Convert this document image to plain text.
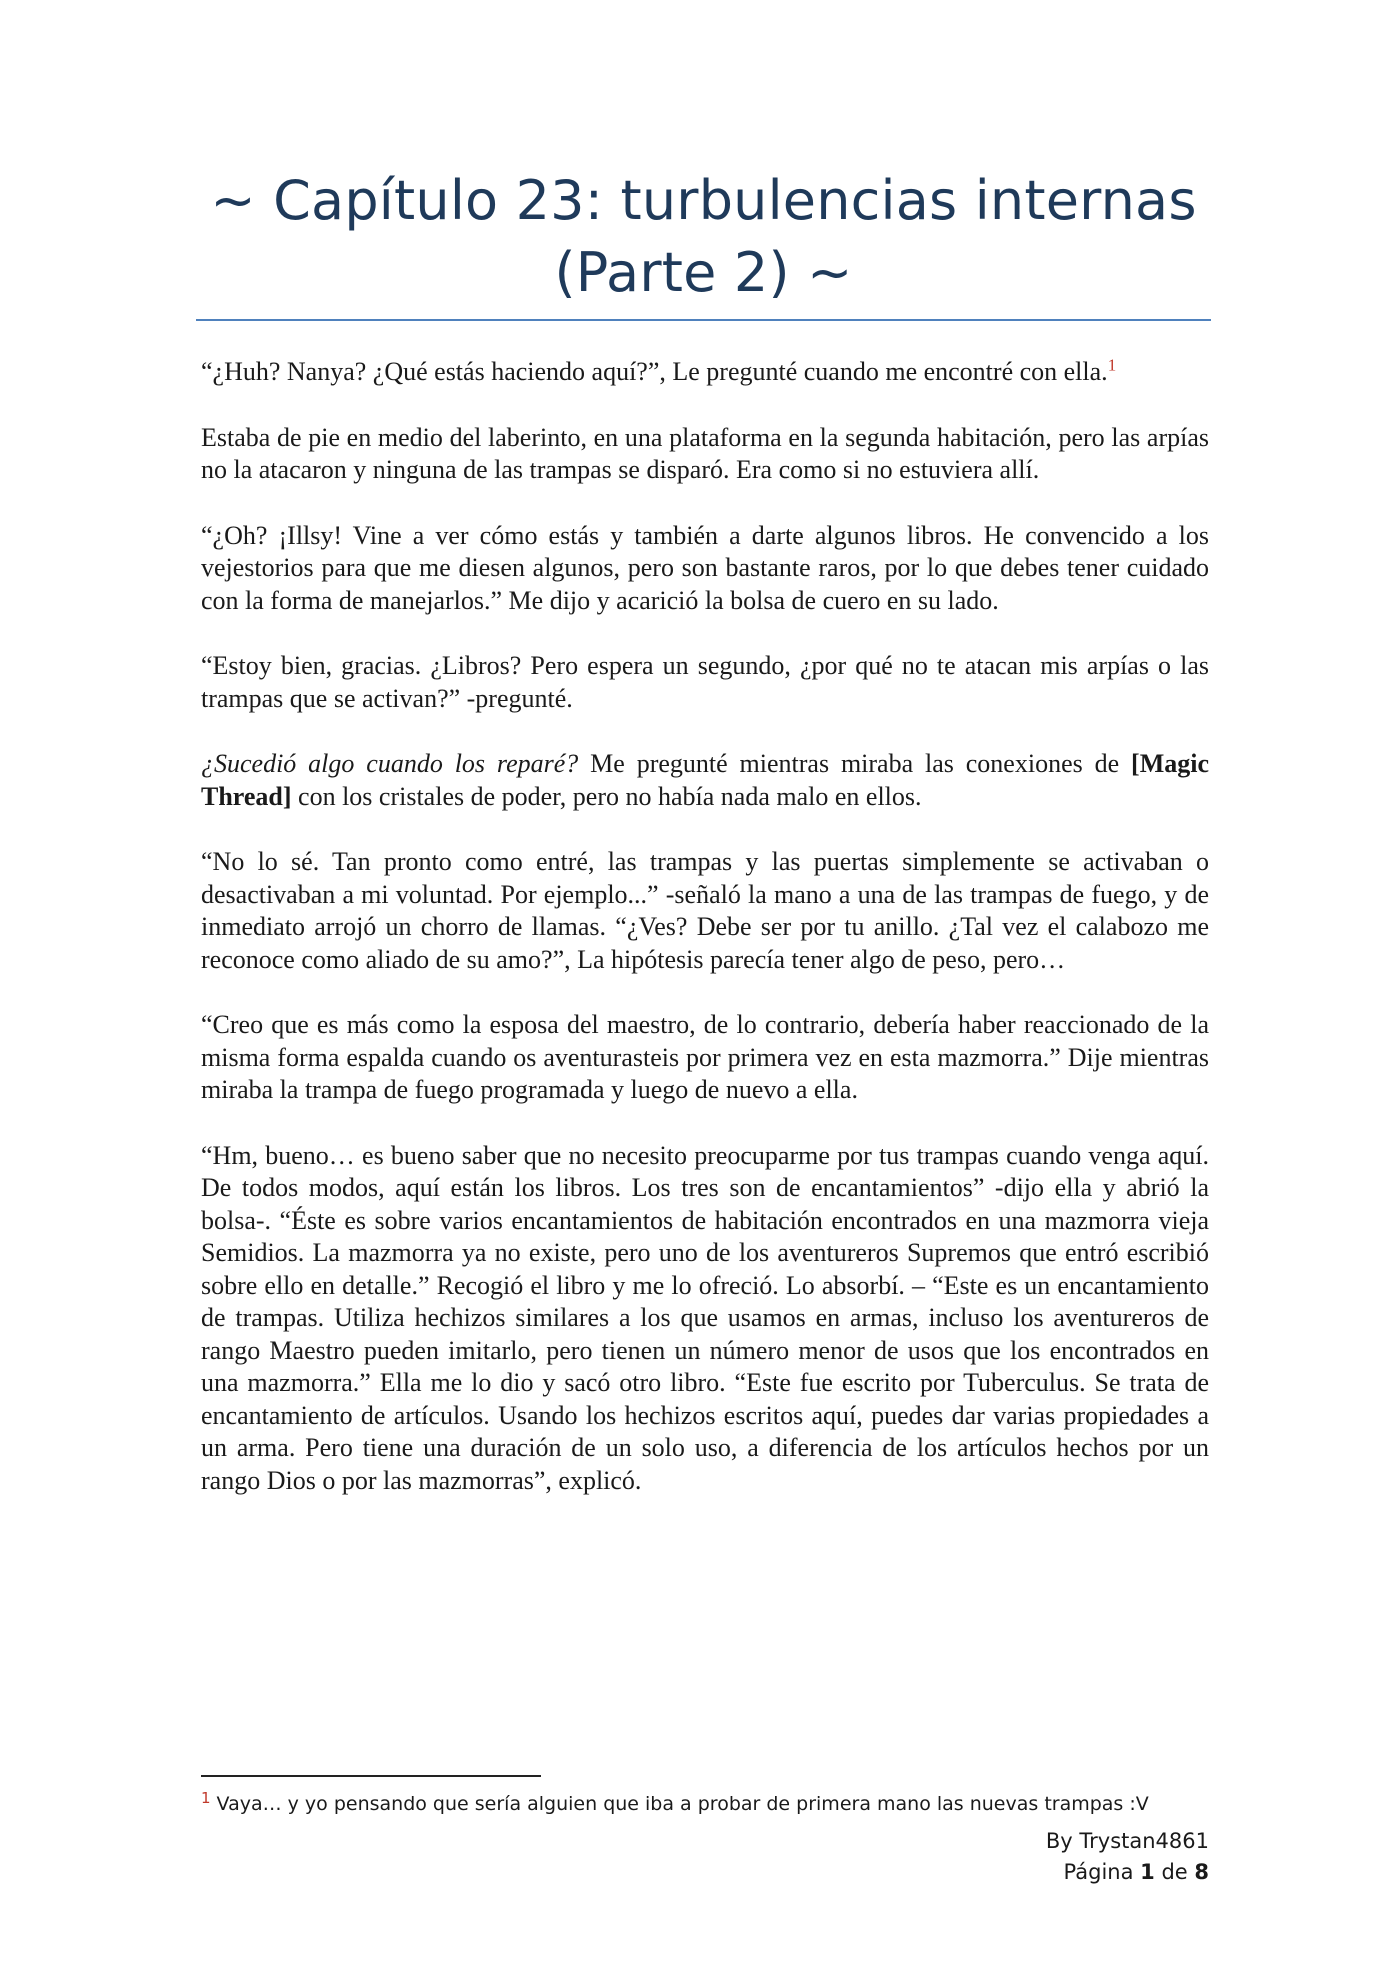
~ Capítulo 23: turbulencias internas
(Parte 2) ~

“¿Huh? Nanya? ¿Qué estás haciendo aquí?”, Le pregunté cuando me encontré con ella.$^1$

Estaba de pie en medio del laberinto, en una plataforma en la segunda habitación, pero las arpías no la atacaron y ninguna de las trampas se disparó. Era como si no estuviera allí.

“¿Oh? ¡Illsy! Vine a ver cómo estás y también a darte algunos libros. He convencido a los vejestorios para que me diesen algunos, pero son bastante raros, por lo que debes tener cuidado con la forma de manejarlos.” Me dijo y acarició la bolsa de cuero en su lado.

“Estoy bien, gracias. ¿Libros? Pero espera un segundo, ¿por qué no te atacan mis arpías o las trampas que se activan?” -pregunté.

¿Sucedió algo cuando los reparé? Me pregunté mientras miraba las conexiones de [Magic Thread] con los cristales de poder, pero no había nada malo en ellos.

“No lo sé. Tan pronto como entré, las trampas y las puertas simplemente se activaban o desactivaban a mi voluntad. Por ejemplo...” -señaló la mano a una de las trampas de fuego, y de inmediato arrojó un chorro de llamas. “¿Ves? Debe ser por tu anillo. ¿Tal vez el calabozo me reconoce como aliado de su amo?”, La hipótesis parecía tener algo de peso, pero…

“Creo que es más como la esposa del maestro, de lo contrario, debería haber reaccionado de la misma forma espalda cuando os aventurasteis por primera vez en esta mazmorra.” Dije mientras miraba la trampa de fuego programada y luego de nuevo a ella.

“Hm, bueno… es bueno saber que no necesito preocuparme por tus trampas cuando venga aquí. De todos modos, aquí están los libros. Los tres son de encantamientos” -dijo ella y abrió la bolsa-. “Éste es sobre varios encantamientos de habitación encontrados en una mazmorra vieja Semidios. La mazmorra ya no existe, pero uno de los aventureros Supremos que entró escribió sobre ello en detalle.” Recogió el libro y me lo ofreció. Lo absorbí. – “Este es un encantamiento de trampas. Utiliza hechizos similares a los que usamos en armas, incluso los aventureros de rango Maestro pueden imitarlo, pero tienen un número menor de usos que los encontrados en una mazmorra.” Ella me lo dio y sacó otro libro. “Este fue escrito por Tuberculus. Se trata de encantamiento de artículos. Usando los hechizos escritos aquí, puedes dar varias propiedades a un arma. Pero tiene una duración de un solo uso, a diferencia de los artículos hechos por un rango Dios o por las mazmorras”, explicó.

$^1$ Vaya… y yo pensando que sería alguien que iba a probar de primera mano las nuevas trampas :V
By Trystan4861
Página 1 de 8
